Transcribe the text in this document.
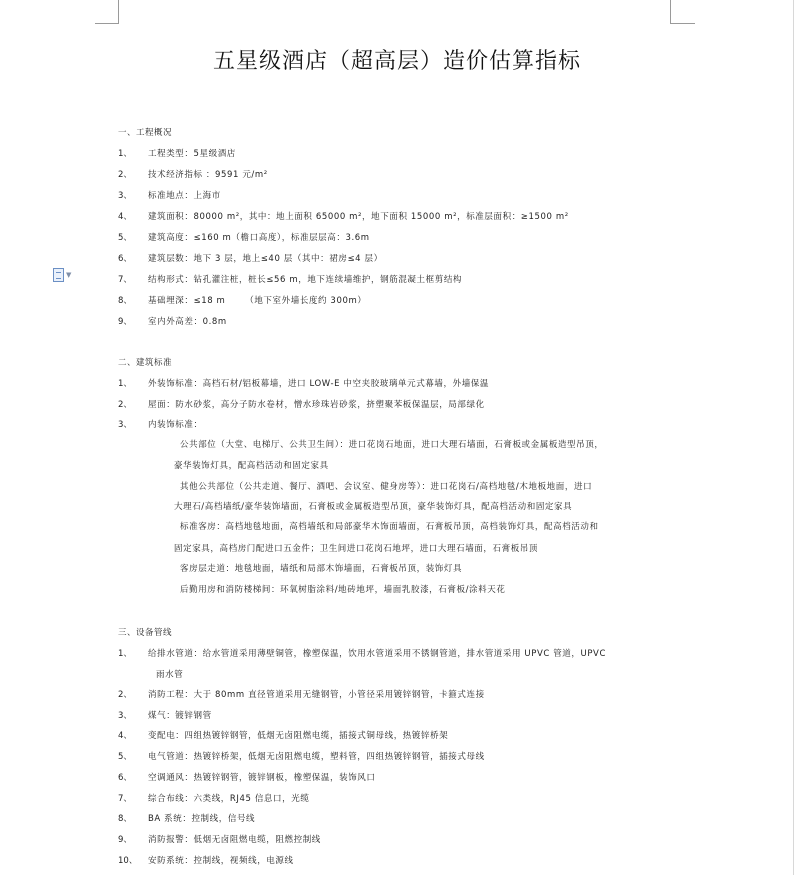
五星级酒店（超高层）造价估算指标
▼
一、工程概况
1、 工程类型：5星级酒店
2、 技术经济指标 ：9591 元/m²
3、 标准地点：上海市
4、 建筑面积：80000 m²，其中：地上面积 65000 m²，地下面积 15000 m²，标准层面积：≥1500 m²
5、 建筑高度：≤160 m（檐口高度），标准层层高：3.6m
6、 建筑层数：地下 3 层，地上≤40 层（其中：裙房≤4 层）
7、 结构形式：钻孔灌注桩，桩长≤56 m，地下连续墙维护，钢筋混凝土框剪结构
8、 基础埋深：≤18 m      （地下室外墙长度约 300m）
9、 室内外高差：0.8m
二、建筑标准
1、 外装饰标准：高档石材/铝板幕墙，进口 LOW-E 中空夹胶玻璃单元式幕墙，外墙保温
2、 屋面：防水砂浆，高分子防水卷材，憎水珍珠岩砂浆，挤塑聚苯板保温层，局部绿化
3、 内装饰标准：
公共部位（大堂、电梯厅、公共卫生间）：进口花岗石地面，进口大理石墙面，石膏板或金属板造型吊顶，
豪华装饰灯具，配高档活动和固定家具
其他公共部位（公共走道、餐厅、酒吧、会议室、健身房等）：进口花岗石/高档地毯/木地板地面，进口
大理石/高档墙纸/豪华装饰墙面，石膏板或金属板造型吊顶，豪华装饰灯具，配高档活动和固定家具
标准客房：高档地毯地面，高档墙纸和局部豪华木饰面墙面，石膏板吊顶，高档装饰灯具，配高档活动和
固定家具，高档房门配进口五金件；卫生间进口花岗石地坪，进口大理石墙面，石膏板吊顶
客房层走道：地毯地面，墙纸和局部木饰墙面，石膏板吊顶，装饰灯具
后勤用房和消防楼梯间：环氧树脂涂料/地砖地坪，墙面乳胶漆，石膏板/涂料天花
三、设备管线
1、 给排水管道：给水管道采用薄壁铜管，橡塑保温，饮用水管道采用不锈钢管道，排水管道采用 UPVC 管道，UPVC
雨水管
2、 消防工程：大于 80mm 直径管道采用无缝钢管，小管径采用镀锌钢管，卡箍式连接
3、 煤气：镀锌钢管
4、 变配电：四组热镀锌钢管，低烟无卤阻燃电缆，插接式铜母线，热镀锌桥架
5、 电气管道：热镀锌桥架，低烟无卤阻燃电缆，塑料管，四组热镀锌钢管，插接式母线
6、 空调通风：热镀锌钢管，镀锌钢板，橡塑保温，装饰风口
7、 综合布线：六类线，RJ45 信息口，光缆
8、 BA 系统：控制线，信号线
9、 消防报警：低烟无卤阻燃电缆，阻燃控制线
10、 安防系统：控制线，视频线，电源线
